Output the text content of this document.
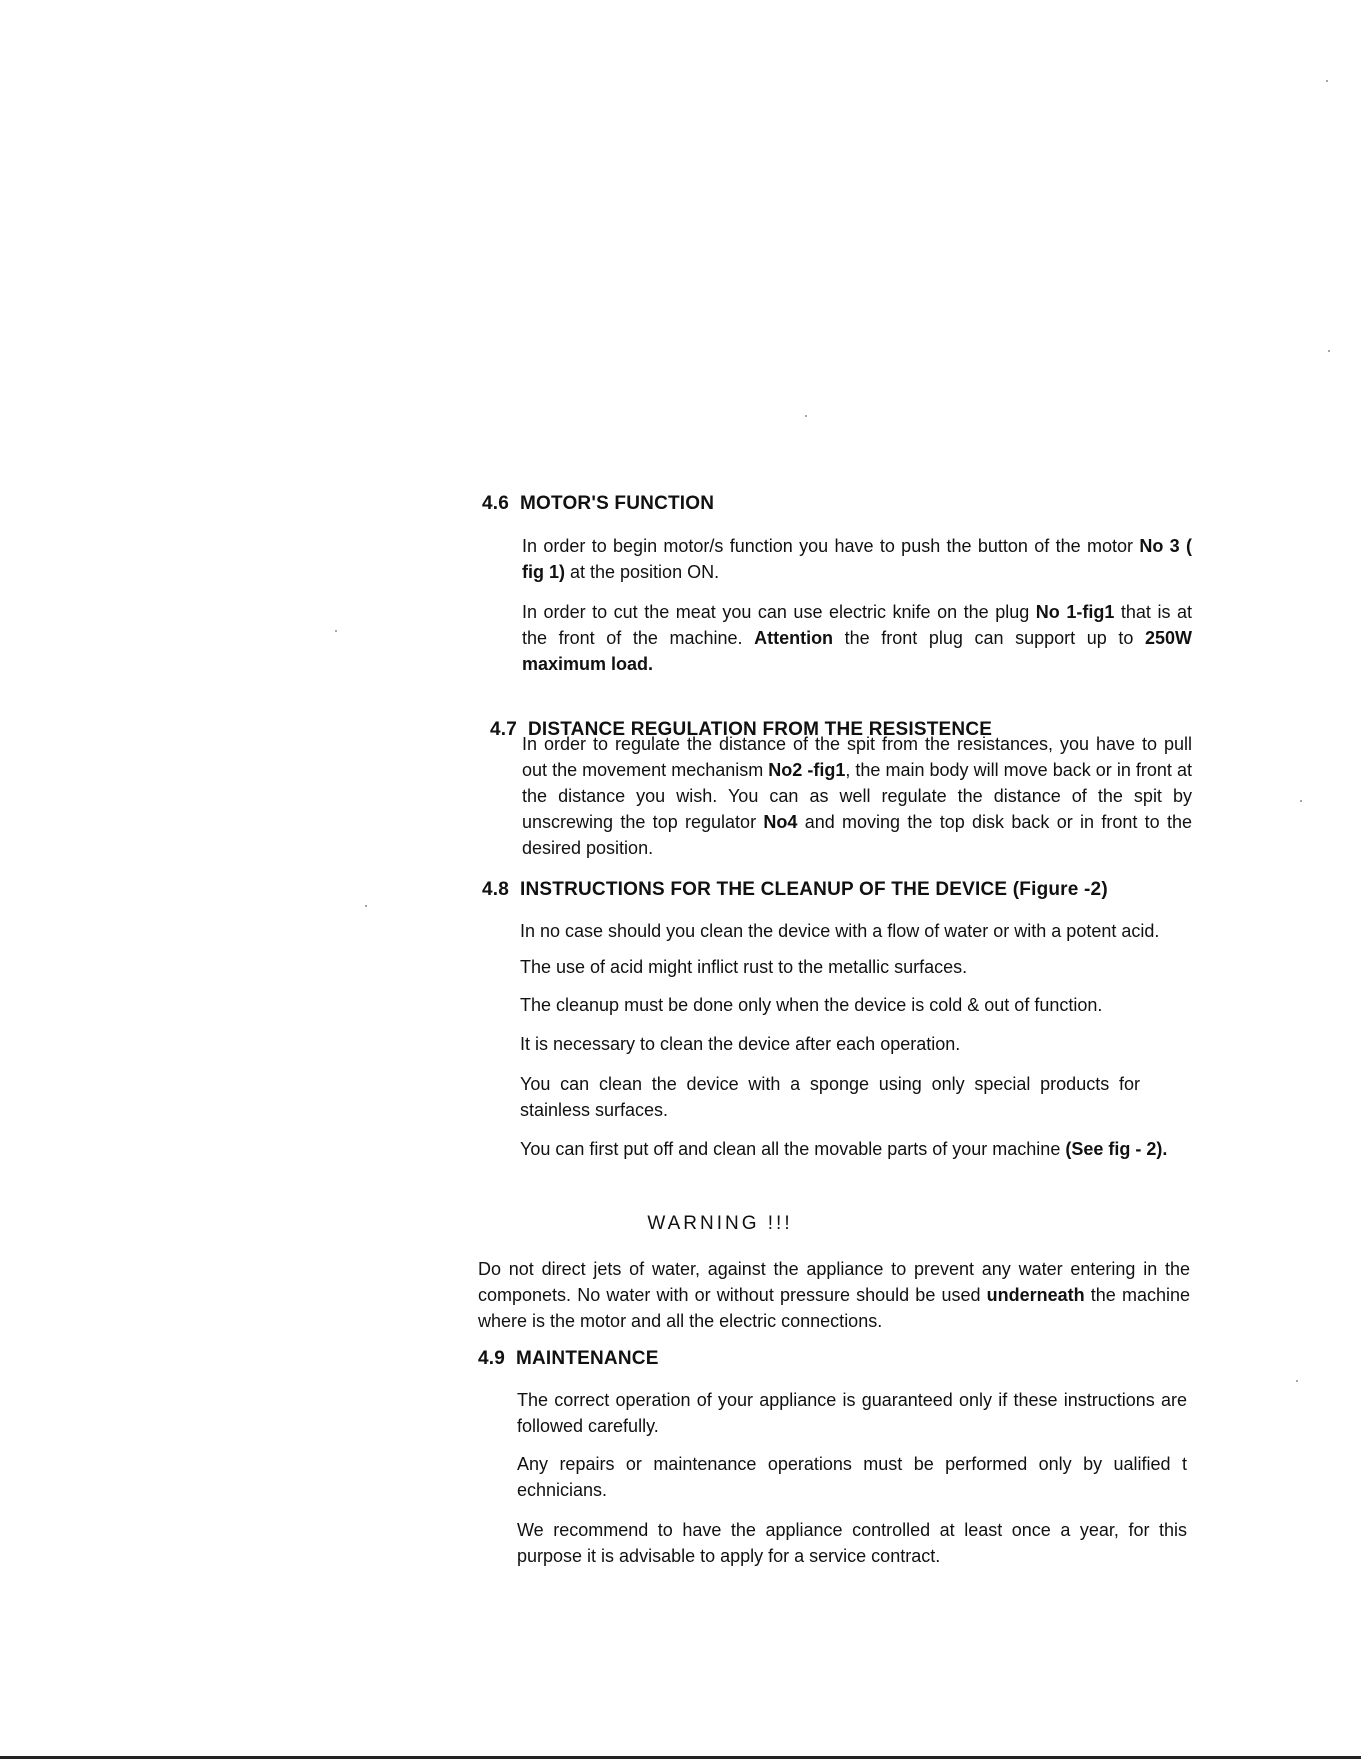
4.6 MOTOR'S FUNCTION
In order to begin motor/s function you have to push the button of the motor No 3 ( fig 1) at the position ON.
In order to cut the meat you can use electric knife on the plug No 1-fig1 that is at the front of the machine. Attention the front plug can support up to 250W maximum load.
4.7 DISTANCE REGULATION FROM THE RESISTENCE
In order to regulate the distance of the spit from the resistances, you have to pull out the movement mechanism No2 -fig1, the main body will move back or in front at the distance you wish. You can as well regulate the distance of the spit by unscrewing the top regulator No4 and moving the top disk back or in front to the desired position.
4.8 INSTRUCTIONS FOR THE CLEANUP OF THE DEVICE (Figure -2)
In no case should you clean the device with a flow of water or with a potent acid.
The use of acid might inflict rust to the metallic surfaces.
The cleanup must be done only when the device is cold & out of function.
It is necessary to clean the device after each operation.
You can clean the device with a sponge using only special products for stainless surfaces.
You can first put off and clean all the movable parts of your machine (See fig - 2).
WARNING !!!
Do not direct jets of water, against the appliance to prevent any water entering in the componets. No water with or without pressure should be used underneath the machine where is the motor and all the electric connections.
4.9 MAINTENANCE
The correct operation of your appliance is guaranteed only if these instructions are followed carefully.
Any repairs or maintenance operations must be performed only by ualified t echnicians.
We recommend to have the appliance controlled at least once a year, for this purpose it is advisable to apply for a service contract.
